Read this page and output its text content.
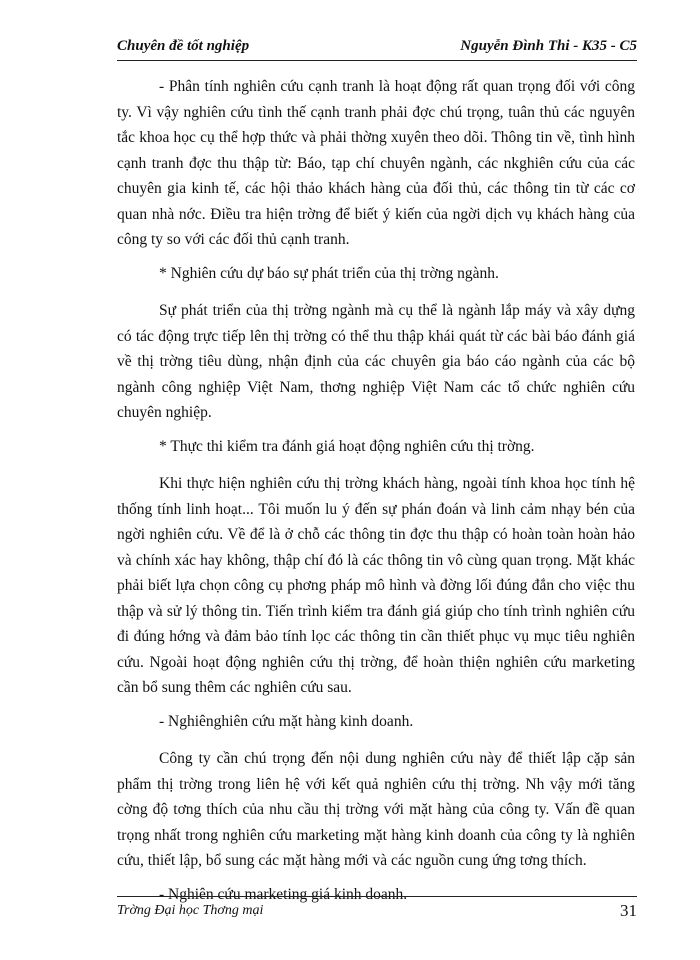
Chuyên đề tốt nghiệp	Nguyễn Đình Thi - K35 - C5

- Phân tính nghiên cứu cạnh tranh là hoạt động rất quan trọng đối với công ty. Vì vậy nghiên cứu tình thế cạnh tranh phải đợc chú trọng, tuân thủ các nguyên tắc khoa học cụ thể hợp thức và phải thờng xuyên theo dõi. Thông tin về, tình hình cạnh tranh đợc thu thập từ: Báo, tạp chí chuyên ngành, các nkghiên cứu của các chuyên gia kinh tế, các hội thảo khách hàng của đối thủ, các thông tin từ các cơ quan nhà nớc. Điều tra hiện trờng để biết ý kiến của ngời dịch vụ khách hàng của công ty so với các đối thủ cạnh tranh.

* Nghiên cứu dự báo sự phát triển của thị trờng ngành.

Sự phát triển của thị trờng ngành mà cụ thể là ngành lắp máy và xây dựng có tác động trực tiếp lên thị trờng có thể thu thập khái quát từ các bài báo đánh giá về thị trờng tiêu dùng, nhận định của các chuyên gia báo cáo ngành của các bộ ngành công nghiệp Việt Nam, thơng nghiệp Việt Nam các tổ chức nghiên cứu chuyên nghiệp.

* Thực thi kiểm tra đánh giá hoạt động nghiên cứu thị trờng.

Khi thực hiện nghiên cứu thị trờng khách hàng, ngoài tính khoa học tính hệ thống tính linh hoạt... Tôi muốn lu ý đến sự phán đoán và linh cảm nhạy bén của ngời nghiên cứu. Về để là ở chỗ các thông tin đợc thu thập có hoàn toàn hoàn hảo và chính xác hay không, thập chí đó là các thông tin vô cùng quan trọng. Mặt khác phải biết lựa chọn công cụ phơng pháp mô hình và đờng lối đúng đắn cho việc thu thập và sử lý thông tin. Tiến trình kiểm tra đánh giá giúp cho tính trình nghiên cứu đi đúng hớng và đảm bảo tính lọc các thông tin cần thiết phục vụ mục tiêu nghiên cứu. Ngoài hoạt động nghiên cứu thị trờng, để hoàn thiện nghiên cứu marketing cần bổ sung thêm các nghiên cứu sau.

- Nghiênghiên cứu mặt hàng kinh doanh.

Công ty cần chú trọng đến nội dung nghiên cứu này để thiết lập cặp sản phẩm thị trờng trong liên hệ với kết quả nghiên cứu thị trờng. Nh vậy mới tăng cờng độ tơng thích của nhu cầu thị trờng với mặt hàng của công ty. Vấn đề quan trọng nhất trong nghiên cứu marketing mặt hàng kinh doanh của công ty là nghiên cứu, thiết lập, bổ sung các mặt hàng mới và các nguồn cung ứng tơng thích.

- Nghiên cứu marketing giá kinh doanh.

Trờng Đại học Thơng mại	31
